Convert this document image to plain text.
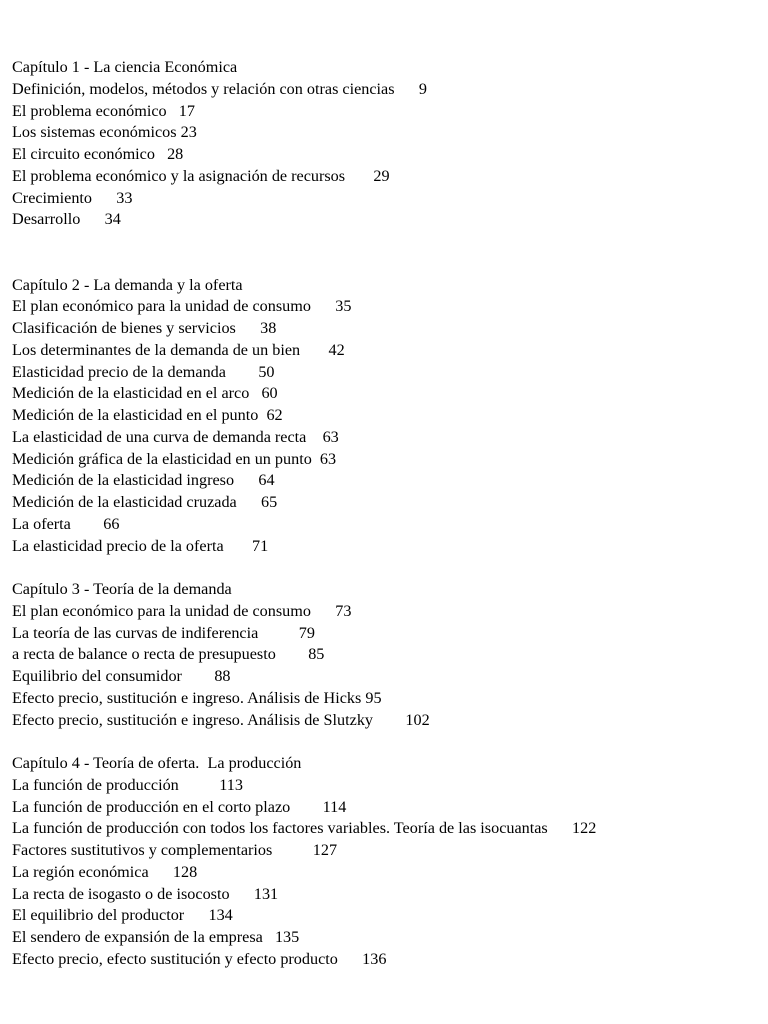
Capítulo 1 - La ciencia Económica
Definición, modelos, métodos y relación con otras ciencias 9
El problema económico 17
Los sistemas económicos 23
El circuito económico 28
El problema económico y la asignación de recursos 29
Crecimiento 33
Desarrollo 34
Capítulo 2 - La demanda y la oferta
El plan económico para la unidad de consumo 35
Clasificación de bienes y servicios 38
Los determinantes de la demanda de un bien 42
Elasticidad precio de la demanda 50
Medición de la elasticidad en el arco 60
Medición de la elasticidad en el punto 62
La elasticidad de una curva de demanda recta 63
Medición gráfica de la elasticidad en un punto 63
Medición de la elasticidad ingreso 64
Medición de la elasticidad cruzada 65
La oferta 66
La elasticidad precio de la oferta 71
Capítulo 3 - Teoría de la demanda
El plan económico para la unidad de consumo 73
La teoría de las curvas de indiferencia 79
a recta de balance o recta de presupuesto 85
Equilibrio del consumidor 88
Efecto precio, sustitución e ingreso. Análisis de Hicks 95
Efecto precio, sustitución e ingreso. Análisis de Slutzky 102
Capítulo 4 - Teoría de oferta.  La producción
La función de producción 113
La función de producción en el corto plazo 114
La función de producción con todos los factores variables. Teoría de las isocuantas 122
Factores sustitutivos y complementarios 127
La región económica 128
La recta de isogasto o de isocosto 131
El equilibrio del productor 134
El sendero de expansión de la empresa 135
Efecto precio, efecto sustitución y efecto producto 136
